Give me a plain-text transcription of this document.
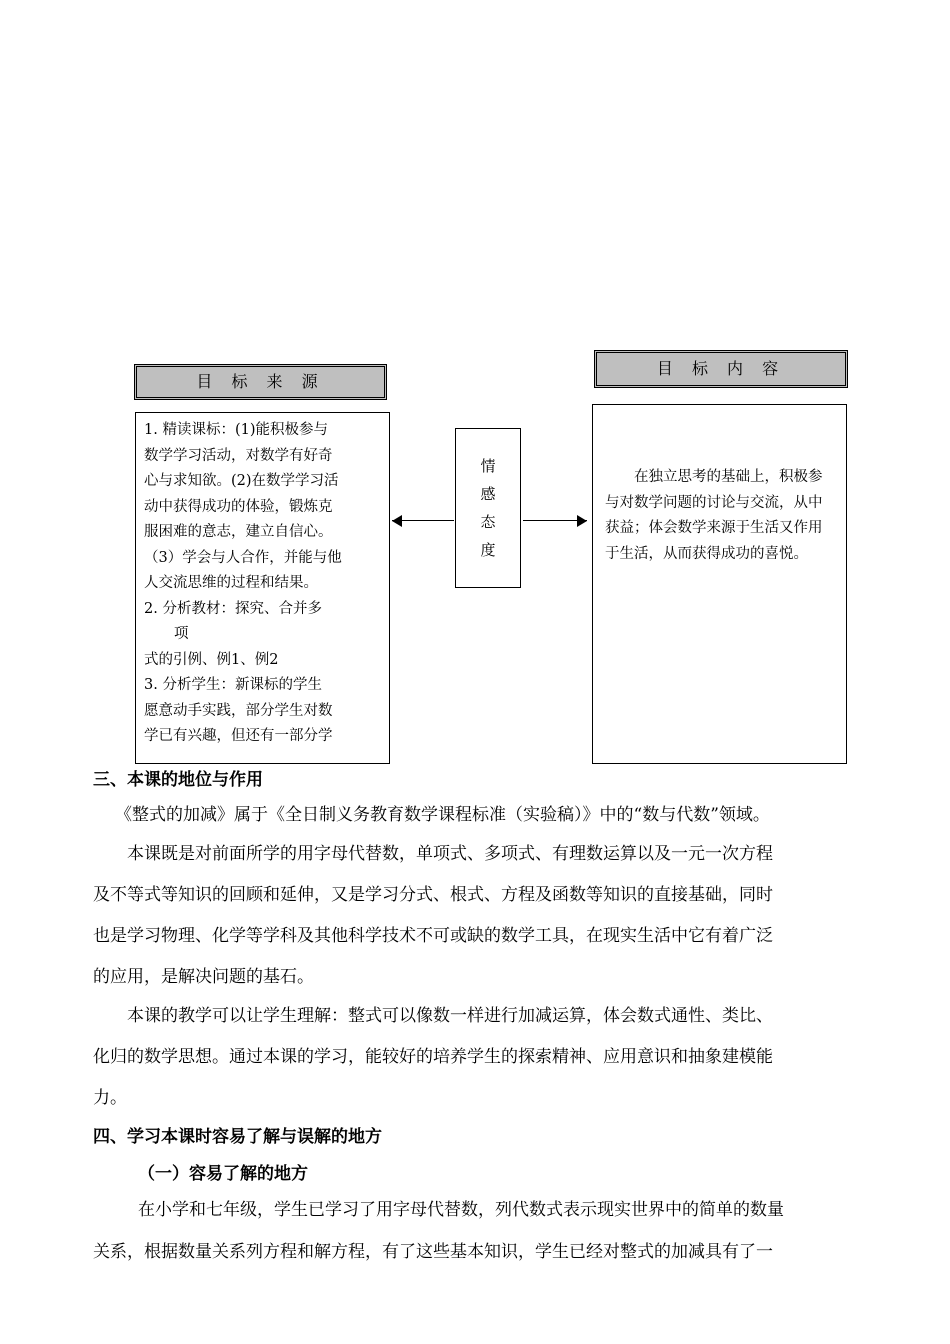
目 标 来 源
目 标 内 容

1. 精读课标：(1)能积极参与

数学学习活动，对数学有好奇

心与求知欲。(2)在数学学习活

动中获得成功的体验，锻炼克

服困难的意志，建立自信心。

（3）学会与人合作，并能与他

人交流思维的过程和结果。

2. 分析教材：探究、合并多

项

式的引例、例1、例2

3. 分析学生：新课标的学生

愿意动手实践，部分学生对数

学已有兴趣，但还有一部分学

情
感
态
度

在独立思考的基础上，积极参与对数学问题的讨论与交流，从中获益；体会数学来源于生活又作用于生活，从而获得成功的喜悦。

三、本课的地位与作用
《整式的加减》属于《全日制义务教育数学课程标准（实验稿）》中的“数与代数”领域。
本课既是对前面所学的用字母代替数，单项式、多项式、有理数运算以及一元一次方程
及不等式等知识的回顾和延伸，又是学习分式、根式、方程及函数等知识的直接基础，同时
也是学习物理、化学等学科及其他科学技术不可或缺的数学工具，在现实生活中它有着广泛
的应用，是解决问题的基石。
本课的教学可以让学生理解：整式可以像数一样进行加减运算，体会数式通性、类比、
化归的数学思想。通过本课的学习，能较好的培养学生的探索精神、应用意识和抽象建模能
力。
四、学习本课时容易了解与误解的地方
（一）容易了解的地方
在小学和七年级，学生已学习了用字母代替数，列代数式表示现实世界中的简单的数量
关系，根据数量关系列方程和解方程，有了这些基本知识，学生已经对整式的加减具有了一
